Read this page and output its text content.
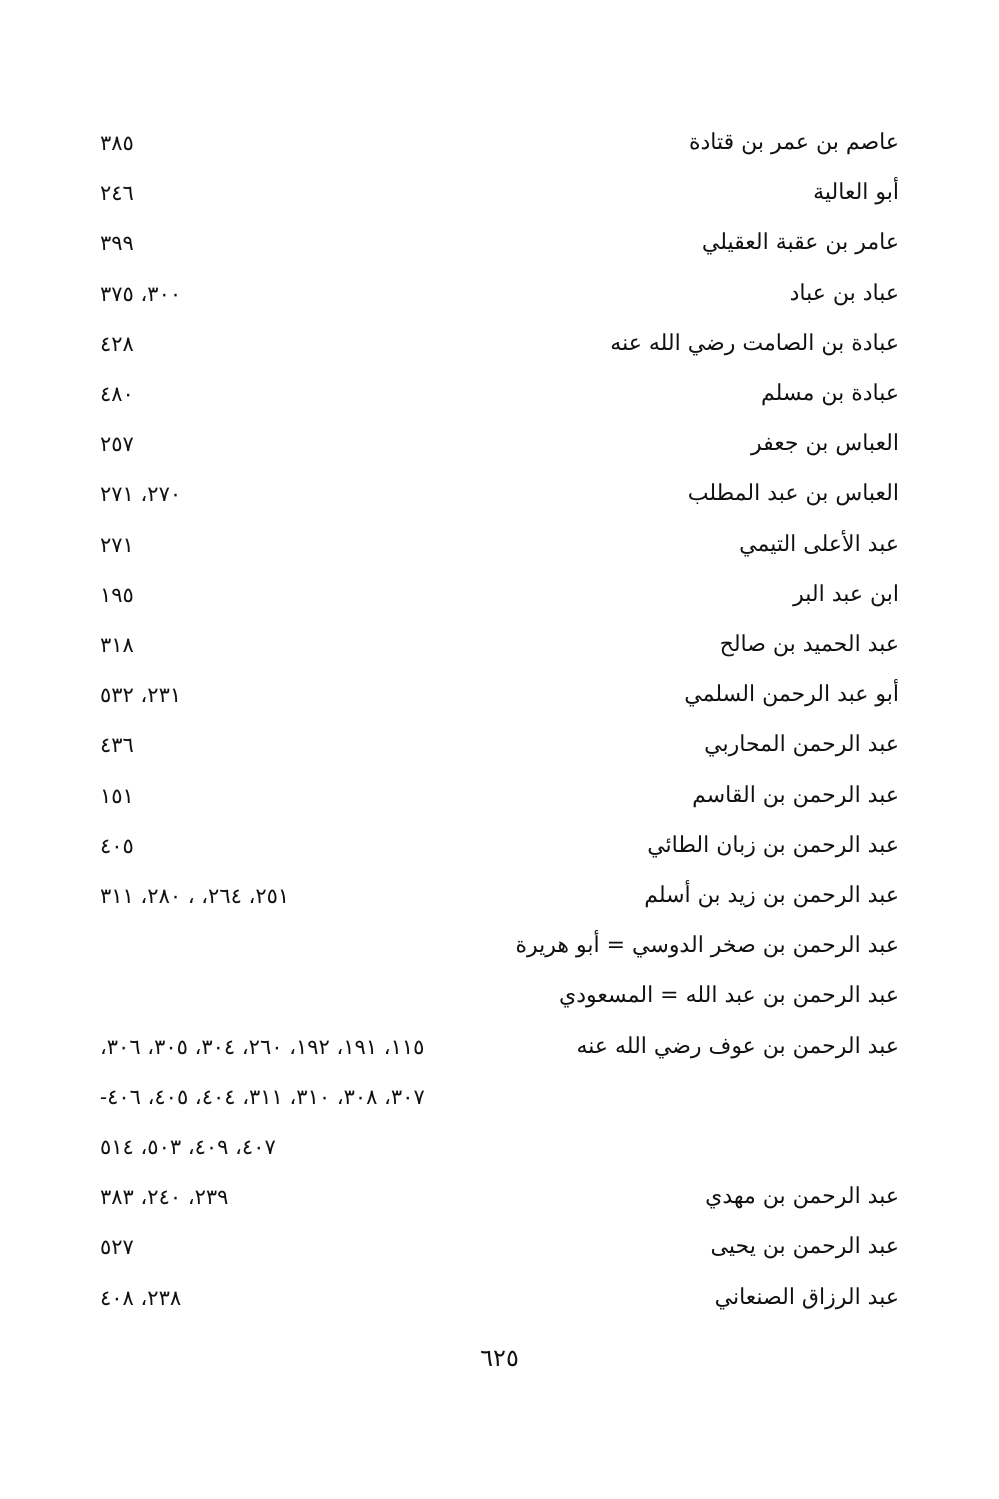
عاصم بن عمر بن قتادة
٣٨٥
أبو العالية
٢٤٦
عامر بن عقبة العقيلي
٣٩٩
عباد بن عباد
٣٠٠، ٣٧٥
عبادة بن الصامت رضي الله عنه
٤٢٨
عبادة بن مسلم
٤٨٠
العباس بن جعفر
٢٥٧
العباس بن عبد المطلب
٢٧٠، ٢٧١
عبد الأعلى التيمي
٢٧١
ابن عبد البر
١٩٥
عبد الحميد بن صالح
٣١٨
أبو عبد الرحمن السلمي
٢٣١، ٥٣٢
عبد الرحمن المحاربي
٤٣٦
عبد الرحمن بن القاسم
١٥١
عبد الرحمن بن زبان الطائي
٤٠٥
عبد الرحمن بن زيد بن أسلم
٢٥١، ٢٦٤، ، ٢٨٠، ٣١١
عبد الرحمن بن صخر الدوسي = أبو هريرة
عبد الرحمن بن عبد الله = المسعودي
عبد الرحمن بن عوف رضي الله عنه
١١٥، ١٩١، ١٩٢، ٢٦٠، ٣٠٤، ٣٠٥، ٣٠٦،
٣٠٧، ٣٠٨، ٣١٠، ٣١١، ٤٠٤، ٤٠٥، ٤٠٦-
٤٠٧، ٤٠٩، ٥٠٣، ٥١٤
عبد الرحمن بن مهدي
٢٣٩، ٢٤٠، ٣٨٣
عبد الرحمن بن يحيى
٥٢٧
عبد الرزاق الصنعاني
٢٣٨، ٤٠٨
٦٢٥
